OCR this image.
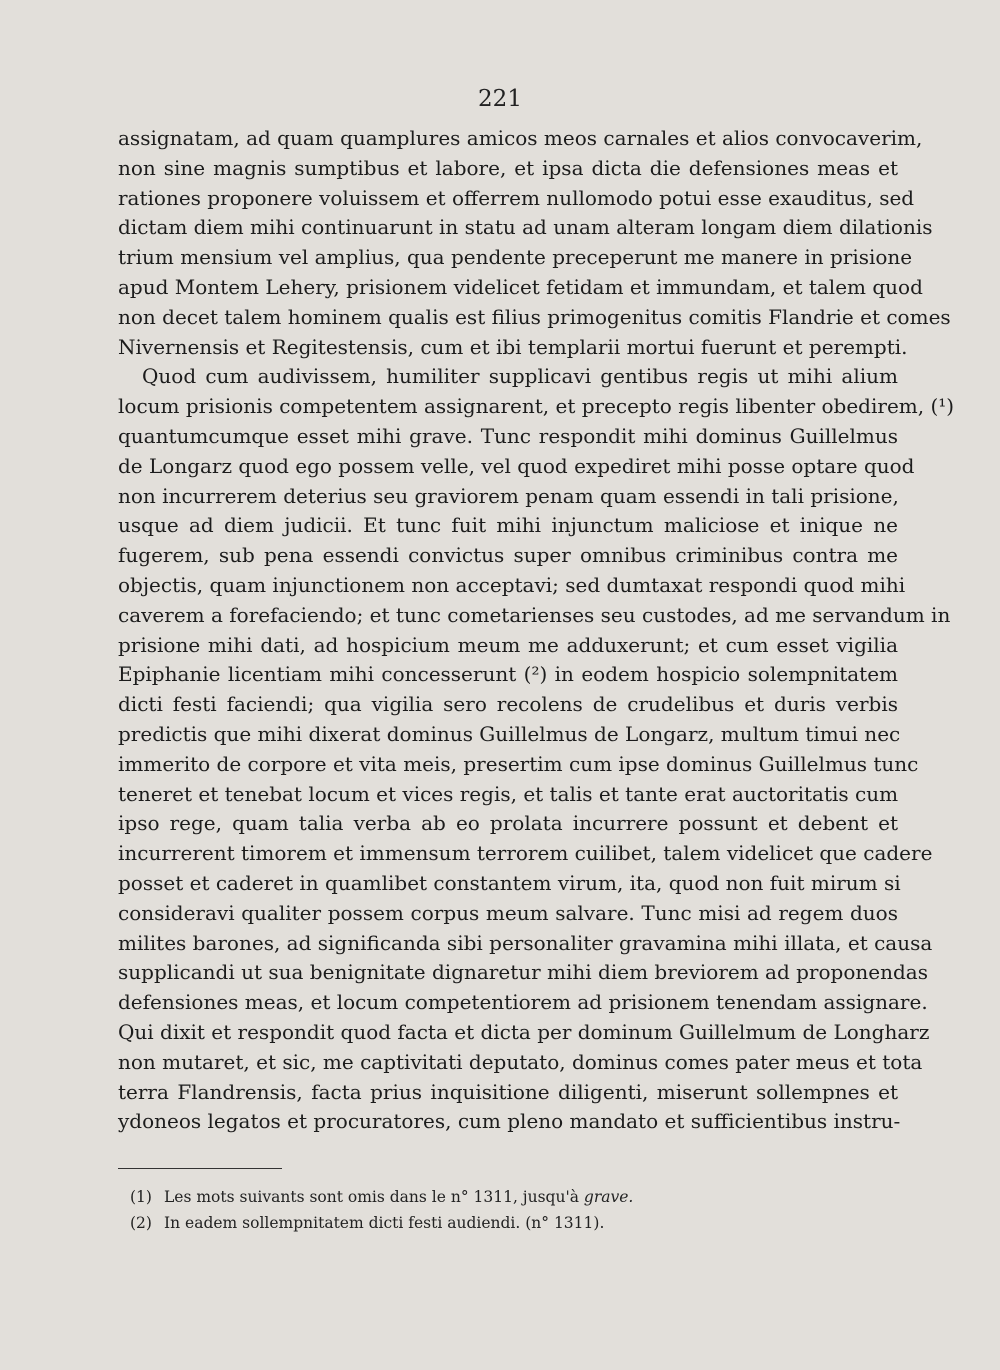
221
assignatam, ad quam quamplures amicos meos carnales et alios convocaverim,
non sine magnis sumptibus et labore, et ipsa dicta die defensiones meas et
rationes proponere voluissem et offerrem nullomodo potui esse exauditus, sed
dictam diem mihi continuarunt in statu ad unam alteram longam diem dilationis
trium mensium vel amplius, qua pendente preceperunt me manere in prisione
apud Montem Lehery, prisionem videlicet fetidam et immundam, et talem quod
non decet talem hominem qualis est filius primogenitus comitis Flandrie et comes
Nivernensis et Regitestensis, cum et ibi templarii mortui fuerunt et perempti.
Quod cum audivissem, humiliter supplicavi gentibus regis ut mihi alium
locum prisionis competentem assignarent, et precepto regis libenter obedirem, (¹)
quantumcumque esset mihi grave. Tunc respondit mihi dominus Guillelmus
de Longarz quod ego possem velle, vel quod expediret mihi posse optare quod
non incurrerem deterius seu graviorem penam quam essendi in tali prisione,
usque ad diem judicii. Et tunc fuit mihi injunctum maliciose et inique ne
fugerem, sub pena essendi convictus super omnibus criminibus contra me
objectis, quam injunctionem non acceptavi; sed dumtaxat respondi quod mihi
caverem a forefaciendo; et tunc cometarienses seu custodes, ad me servandum in
prisione mihi dati, ad hospicium meum me adduxerunt; et cum esset vigilia
Epiphanie licentiam mihi concesserunt (²) in eodem hospicio solempnitatem
dicti festi faciendi; qua vigilia sero recolens de crudelibus et duris verbis
predictis que mihi dixerat dominus Guillelmus de Longarz, multum timui nec
immerito de corpore et vita meis, presertim cum ipse dominus Guillelmus tunc
teneret et tenebat locum et vices regis, et talis et tante erat auctoritatis cum
ipso rege, quam talia verba ab eo prolata incurrere possunt et debent et
incurrerent timorem et immensum terrorem cuilibet, talem videlicet que cadere
posset et caderet in quamlibet constantem virum, ita, quod non fuit mirum si
consideravi qualiter possem corpus meum salvare. Tunc misi ad regem duos
milites barones, ad significanda sibi personaliter gravamina mihi illata, et causa
supplicandi ut sua benignitate dignaretur mihi diem breviorem ad proponendas
defensiones meas, et locum competentiorem ad prisionem tenendam assignare.
Qui dixit et respondit quod facta et dicta per dominum Guillelmum de Longharz
non mutaret, et sic, me captivitati deputato, dominus comes pater meus et tota
terra Flandrensis, facta prius inquisitione diligenti, miserunt sollempnes et
ydoneos legatos et procuratores, cum pleno mandato et sufficientibus instru-
(1) Les mots suivants sont omis dans le n° 1311, jusqu'à grave.
(2) In eadem sollempnitatem dicti festi audiendi. (n° 1311).
